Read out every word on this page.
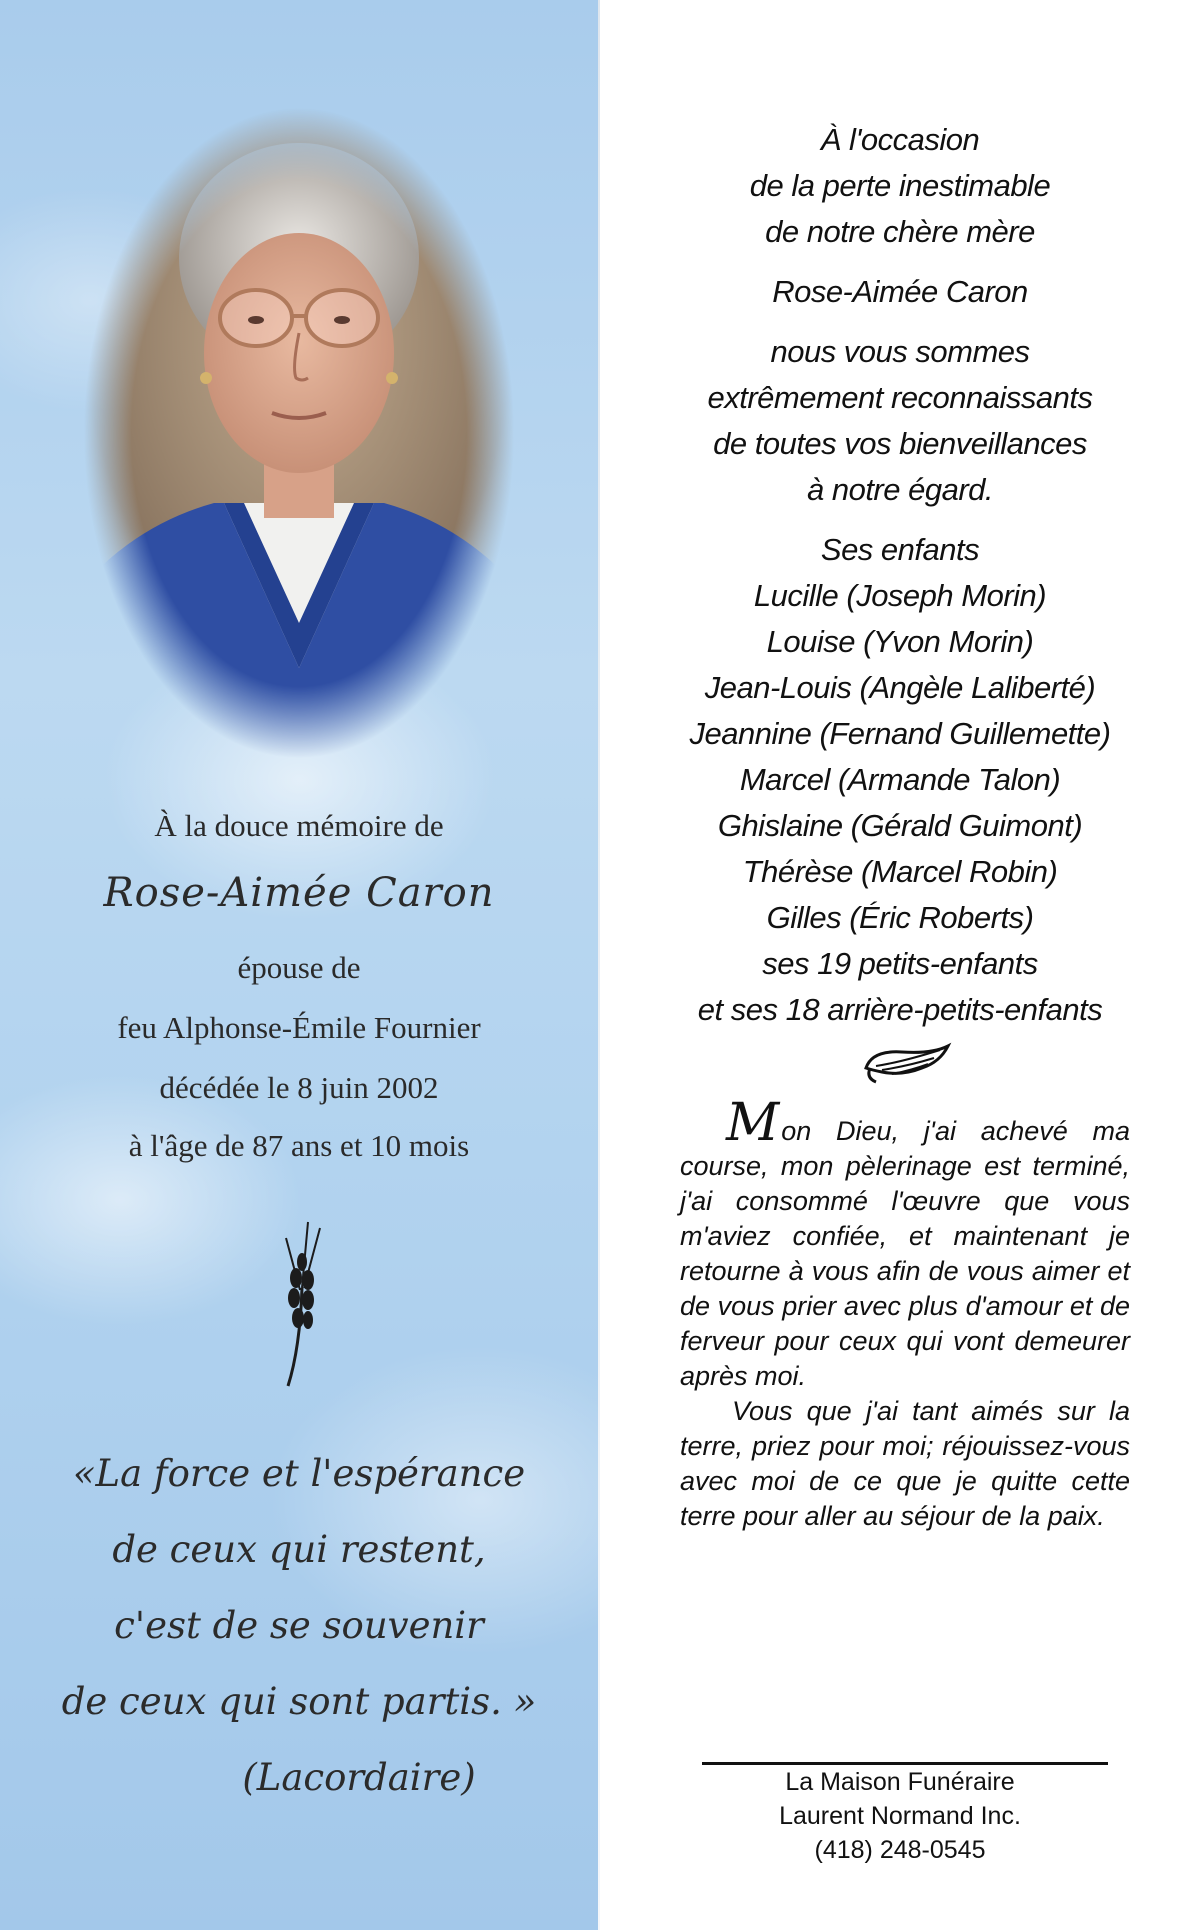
À la douce mémoire de
Rose-Aimée Caron
épouse de
feu Alphonse-Émile Fournier
décédée le 8 juin 2002
à l'âge de 87 ans et 10 mois
«La force et l'espérance
de ceux qui restent,
c'est de se souvenir
de ceux qui sont partis. »
(Lacordaire)
À l'occasion
de la perte inestimable
de notre chère mère
Rose-Aimée Caron
nous vous sommes
extrêmement reconnaissants
de toutes vos bienveillances
à notre égard.
Ses enfants
Lucille (Joseph Morin)
Louise (Yvon Morin)
Jean-Louis (Angèle Laliberté)
Jeannine (Fernand Guillemette)
Marcel (Armande Talon)
Ghislaine (Gérald Guimont)
Thérèse (Marcel Robin)
Gilles (Éric Roberts)
ses 19 petits-enfants
et ses 18 arrière-petits-enfants

Mon Dieu, j'ai achevé ma course, mon pèlerinage est terminé, j'ai consommé l'œuvre que vous m'aviez confiée, et maintenant je retourne à vous afin de vous aimer et de vous prier avec plus d'amour et de ferveur pour ceux qui vont demeurer après moi.

Vous que j'ai tant aimés sur la terre, priez pour moi; réjouissez-vous avec moi de ce que je quitte cette terre pour aller au séjour de la paix.

La Maison Funéraire
Laurent Normand Inc.
(418) 248-0545
